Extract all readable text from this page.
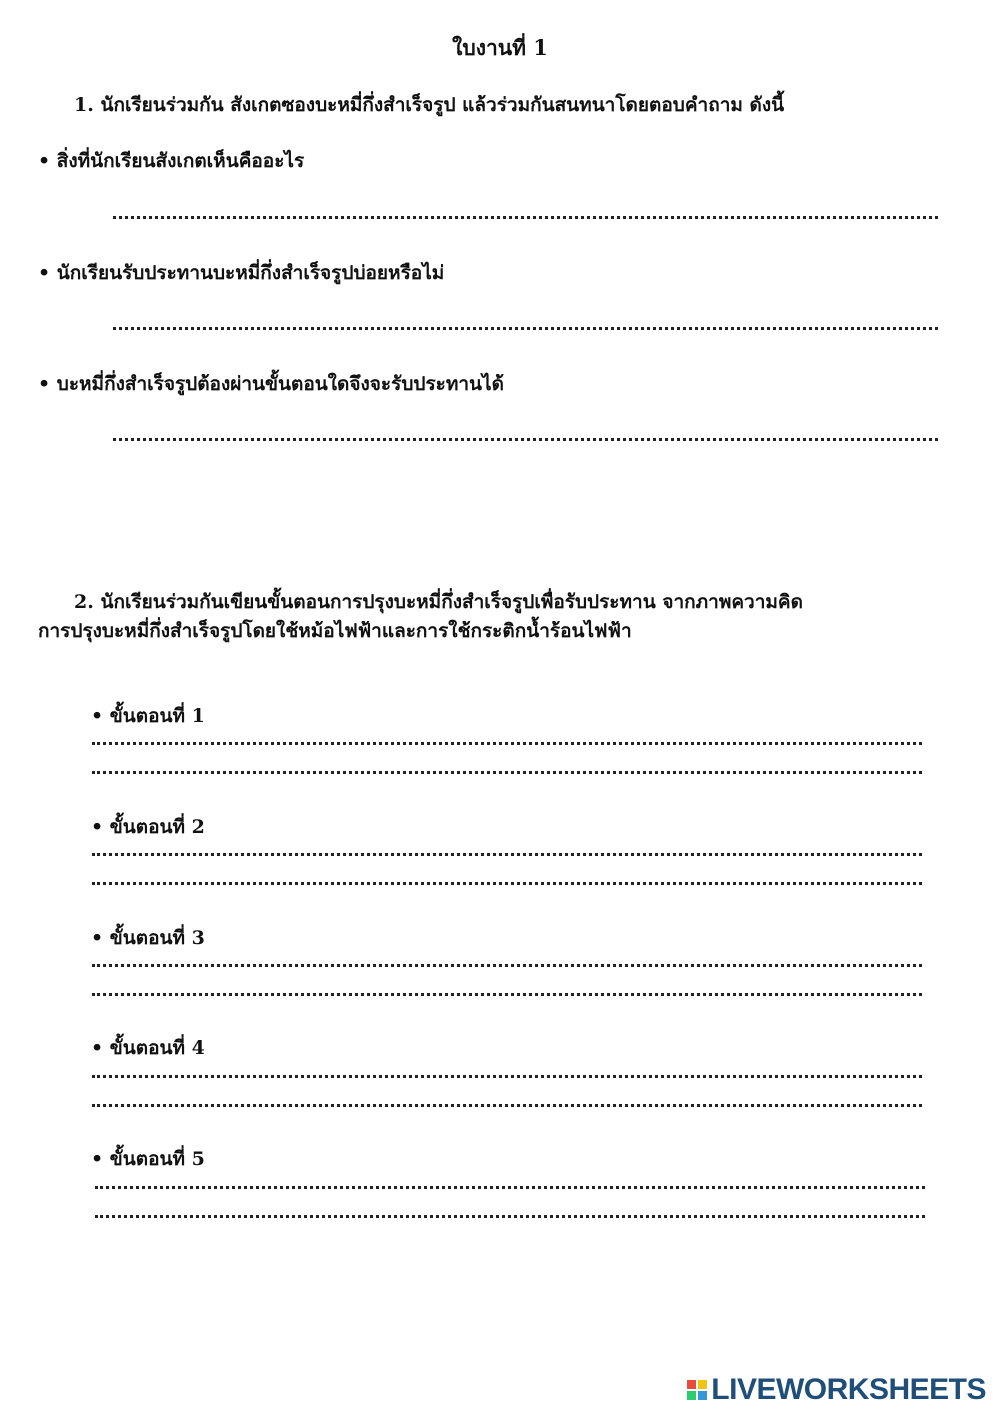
ใบงานที่ 1
1. นักเรียนร่วมกัน สังเกตซองบะหมี่กึ่งสำเร็จรูป แล้วร่วมกันสนทนาโดยตอบคำถาม ดังนี้
• สิ่งที่นักเรียนสังเกตเห็นคืออะไร
• นักเรียนรับประทานบะหมี่กึ่งสำเร็จรูปบ่อยหรือไม่
• บะหมี่กึ่งสำเร็จรูปต้องผ่านขั้นตอนใดจึงจะรับประทานได้
2. นักเรียนร่วมกันเขียนขั้นตอนการปรุงบะหมี่กึ่งสำเร็จรูปเพื่อรับประทาน จากภาพความคิด
การปรุงบะหมี่กึ่งสำเร็จรูปโดยใช้หม้อไฟฟ้าและการใช้กระติกน้ำร้อนไฟฟ้า
• ขั้นตอนที่ 1
• ขั้นตอนที่ 2
• ขั้นตอนที่ 3
• ขั้นตอนที่ 4
• ขั้นตอนที่ 5
LIVEWORKSHEETS
